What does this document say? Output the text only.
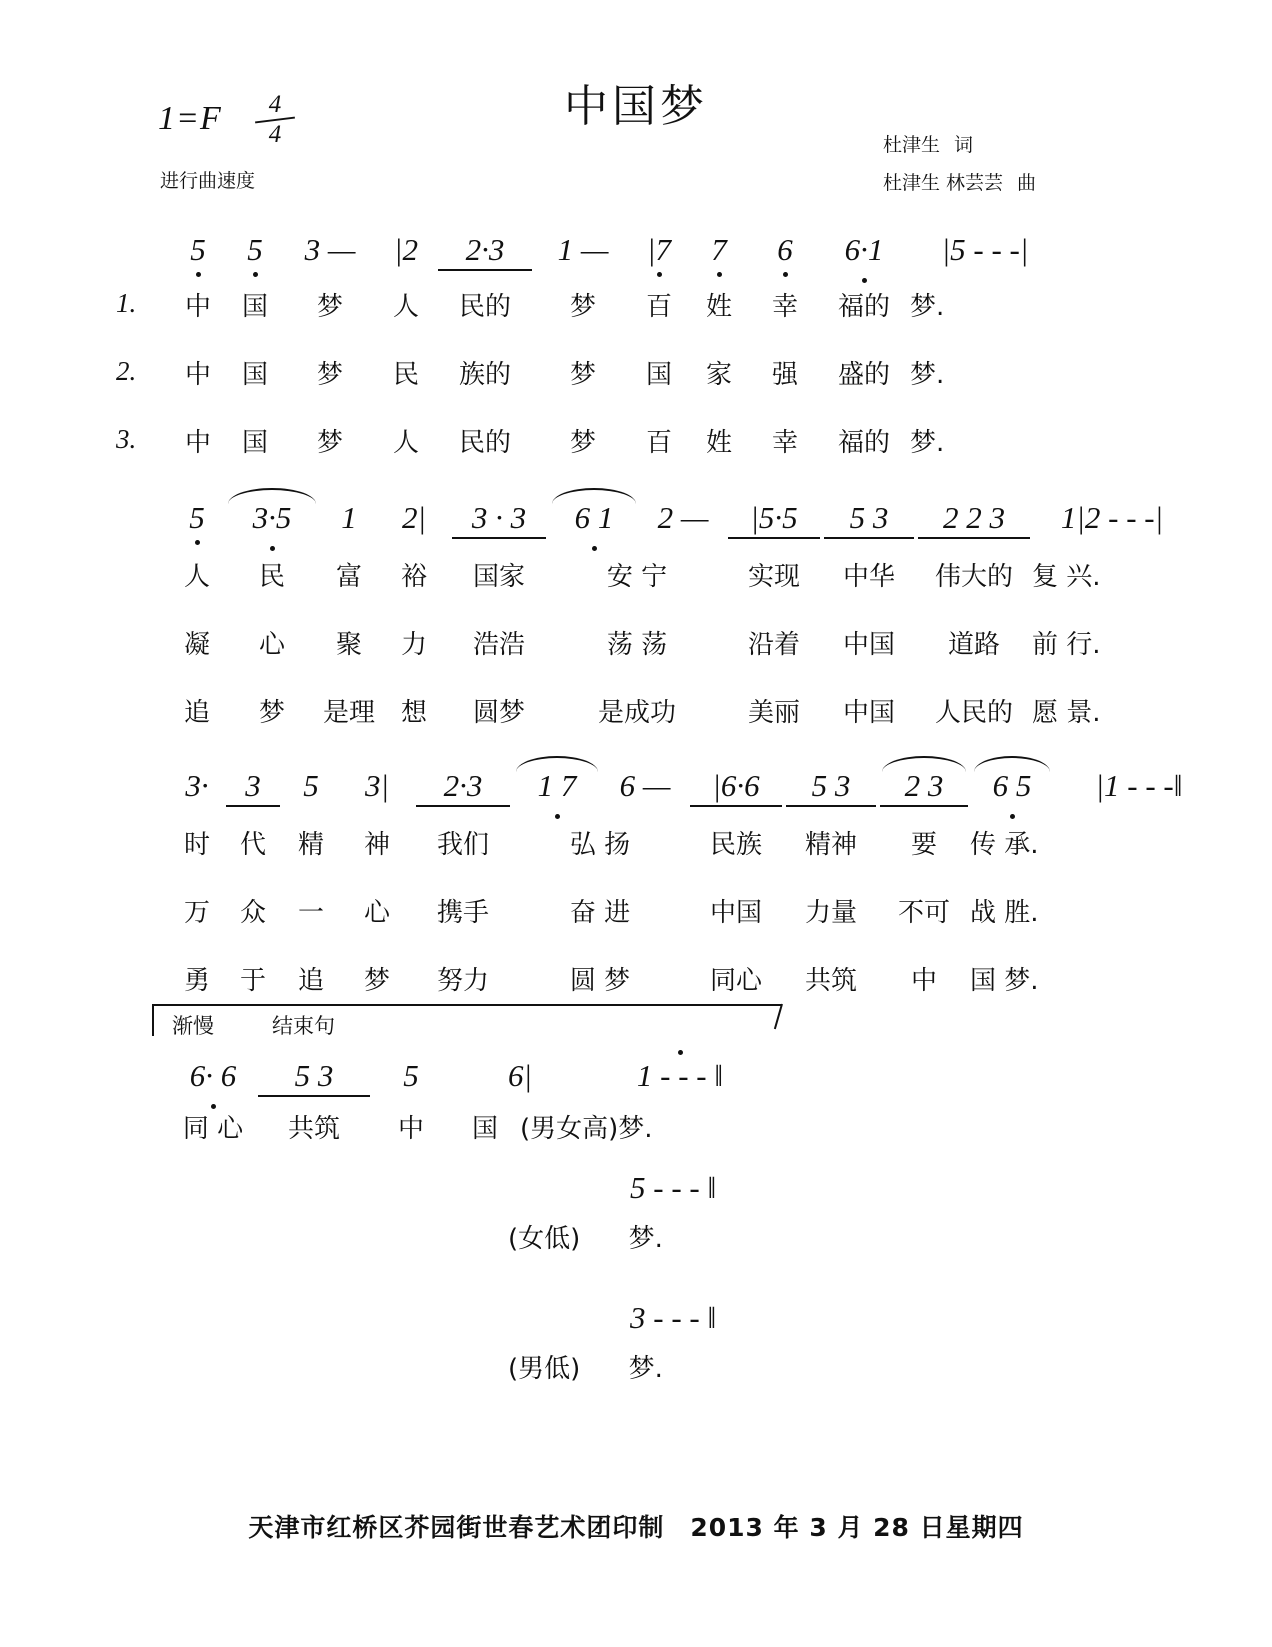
中国梦
1=F	4
4
进行曲速度
杜津生 词
杜津生 林芸芸 曲
5	5	3 —	|2	2·3	1 —	|7	7	6	6·1	|5 - - -|
1.	中	国	梦	人	民的	梦	百	姓	幸	福的 梦.
2.	中	国	梦	民	族的	梦	国	家	强	盛的 梦.
3.	中	国	梦	人	民的	梦	百	姓	幸	福的 梦.
5	3·5	1	2|	3 · 3	6 1	2 —	|5·5	5 3	2 2 3	1|2 - - -|
人	民	富	裕	国家	安 宁	实现	中华	伟大的 复 兴.
凝	心	聚	力	浩浩	荡 荡	沿着	中国	道路	前 行.
追	梦	是理 想	圆梦	是成功	美丽	中国	人民的 愿 景.
3·	3	5	3|	2·3	1 7	6 —	|6·6	5 3	2 3	6 5	|1 - - -‖
时	代	精	神	我们	弘 扬	民族	精神	要	传 承.
万	众	一	心	携手	奋 进	中国	力量	不可 战 胜.
勇	于	追	梦	努力	圆 梦	同心	共筑	中	国 梦.
渐慢	结束句
6· 6	5 3	5	6|	1 - - - ‖
同 心	共筑	中	国 (男女高)梦.
5 - - - ‖
(女低) 梦.
3 - - - ‖
(男低) 梦.
天津市红桥区芥园街世春艺术团印制 2013 年 3 月 28 日星期四
